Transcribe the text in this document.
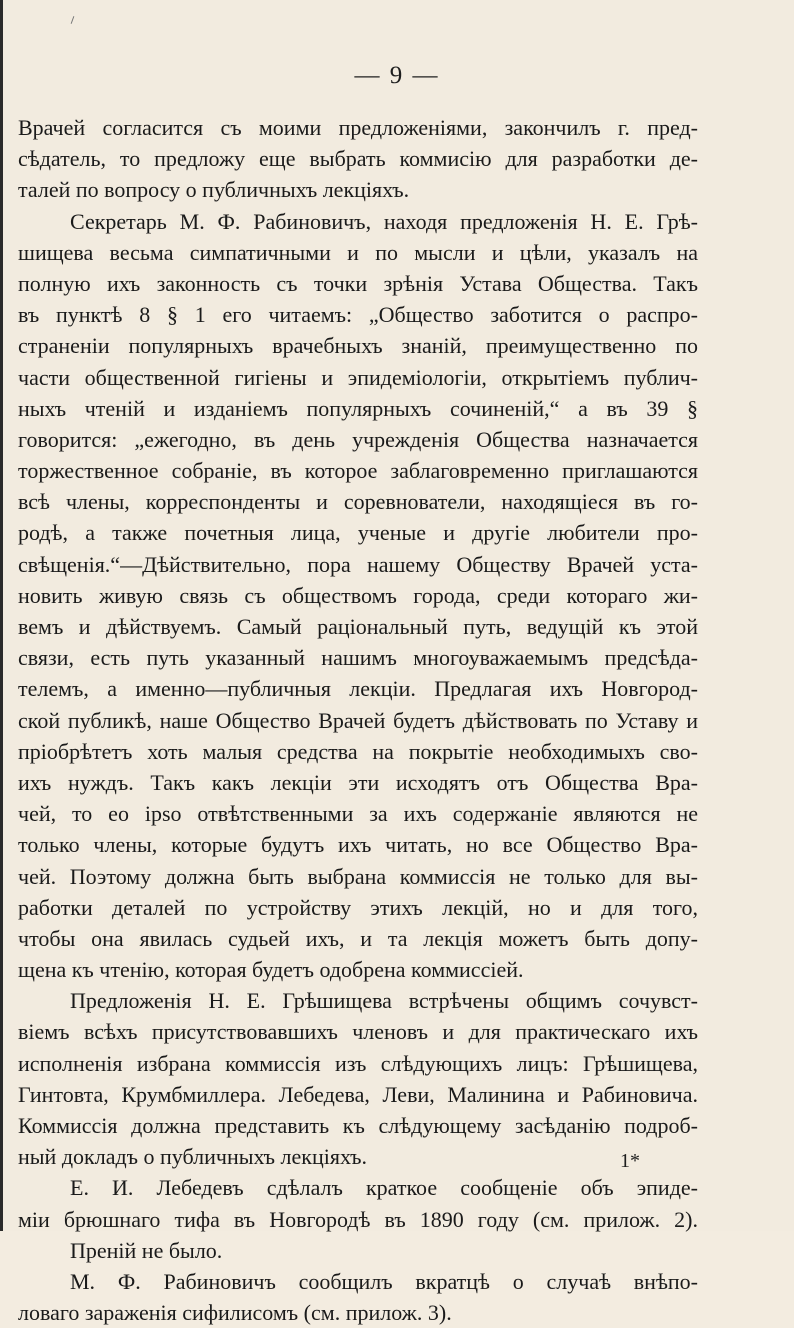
— 9 —
Врачей согласится съ моими предложеніями, закончилъ г. пред-
сѣдатель, то предложу еще выбрать коммисію для разработки де-
талей по вопросу о публичныхъ лекціяхъ.
Секретарь М. Ф. Рабиновичъ, находя предложенія Н. Е. Грѣ-
шищева весьма симпатичными и по мысли и цѣли, указалъ на
полную ихъ законность съ точки зрѣнія Устава Общества. Такъ
въ пунктѣ 8 § 1 его читаемъ: „Общество заботится о распро-
страненіи популярныхъ врачебныхъ знаній, преимущественно по
части общественной гигіены и эпидеміологіи, открытіемъ публич-
ныхъ чтеній и изданіемъ популярныхъ сочиненій,“ а въ 39 §
говорится: „ежегодно, въ день учрежденія Общества назначается
торжественное собраніе, въ которое заблаговременно приглашаются
всѣ члены, корреспонденты и соревнователи, находящіеся въ го-
родѣ, а также почетныя лица, ученые и другіе любители про-
свѣщенія.“—Дѣйствительно, пора нашему Обществу Врачей уста-
новить живую связь съ обществомъ города, среди котораго жи-
вемъ и дѣйствуемъ. Самый раціональный путь, ведущій къ этой
связи, есть путь указанный нашимъ многоуважаемымъ предсѣда-
телемъ, а именно—публичныя лекціи. Предлагая ихъ Новгород-
ской публикѣ, наше Общество Врачей будетъ дѣйствовать по Уставу и
пріобрѣтетъ хоть малыя средства на покрытіе необходимыхъ сво-
ихъ нуждъ. Такъ какъ лекціи эти исходятъ отъ Общества Вра-
чей, то eo ipso отвѣтственными за ихъ содержаніе являются не
только члены, которые будутъ ихъ читать, но все Общество Вра-
чей. Поэтому должна быть выбрана коммиссія не только для вы-
работки деталей по устройству этихъ лекцій, но и для того,
чтобы она явилась судьей ихъ, и та лекція можетъ быть допу-
щена къ чтенію, которая будетъ одобрена коммиссіей.
Предложенія Н. Е. Грѣшищева встрѣчены общимъ сочувст-
віемъ всѣхъ присутствовавшихъ членовъ и для практическаго ихъ
исполненія избрана коммиссія изъ слѣдующихъ лицъ: Грѣшищева,
Гинтовта, Крумбмиллера. Лебедева, Леви, Малинина и Рабиновича.
Коммиссія должна представить къ слѣдующему засѣданію подроб-
ный докладъ о публичныхъ лекціяхъ.
Е. И. Лебедевъ сдѣлалъ краткое сообщеніе объ эпиде-
міи брюшнаго тифа въ Новгородѣ въ 1890 году (см. прилож. 2).
Преній не было.
М. Ф. Рабиновичъ сообщилъ вкратцѣ о случаѣ внѣпо-
ловаго зараженія сифилисомъ (см. прилож. 3).
1*
